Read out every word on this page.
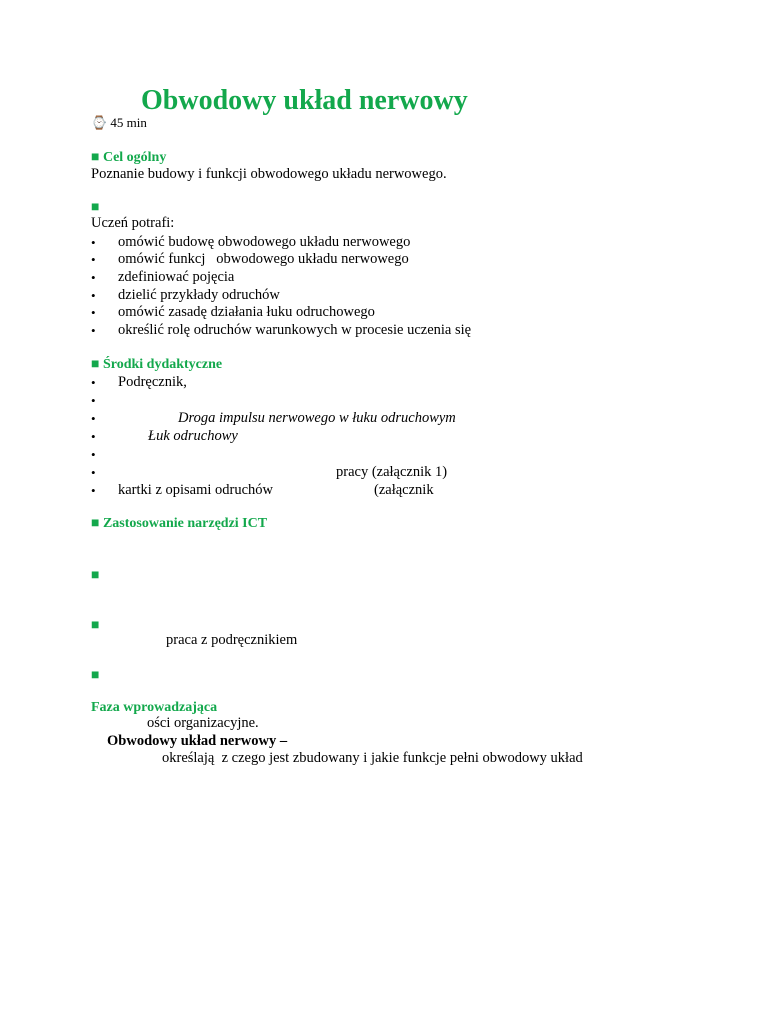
Obwodowy układ nerwowy
⌚ 45 min
■ Cel ogólny
Poznanie budowy i funkcji obwodowego układu nerwowego.
■
Uczeń potrafi:
• omówić budowę obwodowego układu nerwowego
• omówić funkcj   obwodowego układu nerwowego
• zdefiniować pojęcia
• dzielić przykłady odruchów
• omówić zasadę działania łuku odruchowego
• określić rolę odruchów warunkowych w procesie uczenia się
■ Środki dydaktyczne
• Podręcznik,
•
•	Droga impulsu nerwowego w łuku odruchowym
•	Łuk odruchowy
•
•	pracy (załącznik 1)
• kartki z opisami odruchów	(załącznik
■ Zastosowanie narzędzi ICT
■
■
praca z podręcznikiem
■
Faza wprowadzająca
ości organizacyjne.
Obwodowy układ nerwowy –
określają  z czego jest zbudowany i jakie funkcje pełni obwodowy układ
